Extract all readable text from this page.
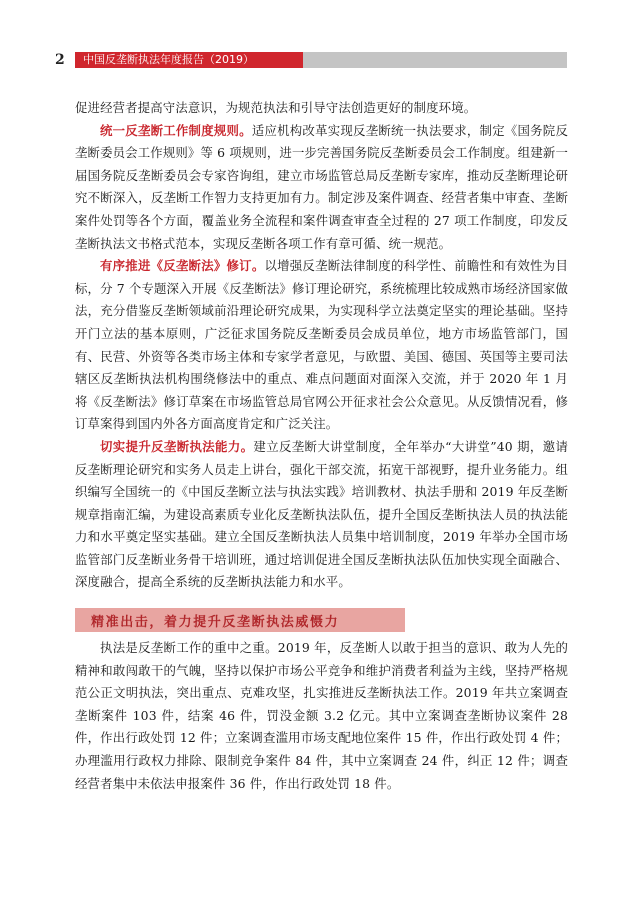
2	中国反垄断执法年度报告（2019）

促进经营者提高守法意识，为规范执法和引导守法创造更好的制度环境。

统一反垄断工作制度规则。适应机构改革实现反垄断统一执法要求，制定《国务院反垄断委员会工作规则》等 6 项规则，进一步完善国务院反垄断委员会工作制度。组建新一届国务院反垄断委员会专家咨询组，建立市场监管总局反垄断专家库，推动反垄断理论研究不断深入，反垄断工作智力支持更加有力。制定涉及案件调查、经营者集中审查、垄断案件处罚等各个方面，覆盖业务全流程和案件调查审查全过程的 27 项工作制度，印发反垄断执法文书格式范本，实现反垄断各项工作有章可循、统一规范。

有序推进《反垄断法》修订。以增强反垄断法律制度的科学性、前瞻性和有效性为目标，分 7 个专题深入开展《反垄断法》修订理论研究，系统梳理比较成熟市场经济国家做法，充分借鉴反垄断领域前沿理论研究成果，为实现科学立法奠定坚实的理论基础。坚持开门立法的基本原则，广泛征求国务院反垄断委员会成员单位，地方市场监管部门，国有、民营、外资等各类市场主体和专家学者意见，与欧盟、美国、德国、英国等主要司法辖区反垄断执法机构围绕修法中的重点、难点问题面对面深入交流，并于 2020 年 1 月将《反垄断法》修订草案在市场监管总局官网公开征求社会公众意见。从反馈情况看，修订草案得到国内外各方面高度肯定和广泛关注。

切实提升反垄断执法能力。建立反垄断大讲堂制度，全年举办“大讲堂”40 期，邀请反垄断理论研究和实务人员走上讲台，强化干部交流，拓宽干部视野，提升业务能力。组织编写全国统一的《中国反垄断立法与执法实践》培训教材、执法手册和 2019 年反垄断规章指南汇编，为建设高素质专业化反垄断执法队伍，提升全国反垄断执法人员的执法能力和水平奠定坚实基础。建立全国反垄断执法人员集中培训制度，2019 年举办全国市场监管部门反垄断业务骨干培训班，通过培训促进全国反垄断执法队伍加快实现全面融合、深度融合，提高全系统的反垄断执法能力和水平。

精准出击，着力提升反垄断执法威慑力

执法是反垄断工作的重中之重。2019 年，反垄断人以敢于担当的意识、敢为人先的精神和敢闯敢干的气魄，坚持以保护市场公平竞争和维护消费者利益为主线，坚持严格规范公正文明执法，突出重点、克难攻坚，扎实推进反垄断执法工作。2019 年共立案调查垄断案件 103 件，结案 46 件，罚没金额 3.2 亿元。其中立案调查垄断协议案件 28 件，作出行政处罚 12 件；立案调查滥用市场支配地位案件 15 件，作出行政处罚 4 件；办理滥用行政权力排除、限制竞争案件 84 件，其中立案调查 24 件，纠正 12 件；调查经营者集中未依法申报案件 36 件，作出行政处罚 18 件。
